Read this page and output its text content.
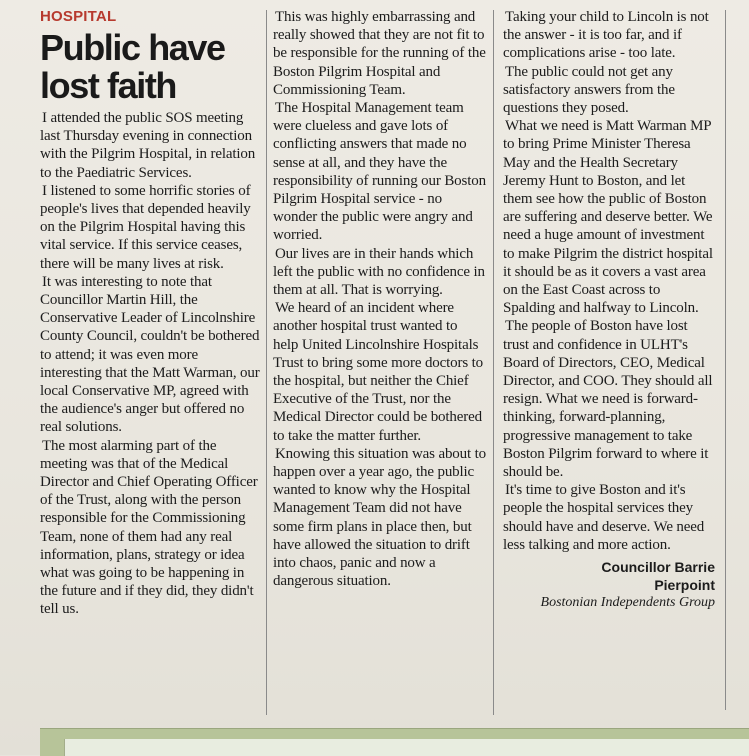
HOSPITAL
Public have lost faith

I attended the public SOS meeting last Thursday evening in connection with the Pilgrim Hospital, in relation to the Paediatric Services.

I listened to some horrific stories of people's lives that depended heavily on the Pilgrim Hospital having this vital service. If this service ceases, there will be many lives at risk.

It was interesting to note that Councillor Martin Hill, the Conservative Leader of Lincolnshire County Council, couldn't be bothered to attend; it was even more interesting that the Matt Warman, our local Conservative MP, agreed with the audience's anger but offered no real solutions.

The most alarming part of the meeting was that of the Medical Director and Chief Operating Officer of the Trust, along with the person responsible for the Commissioning Team, none of them had any real information, plans, strategy or idea what was going to be happening in the future and if they did, they didn't tell us.

This was highly embarrassing and really showed that they are not fit to be responsible for the running of the Boston Pilgrim Hospital and Commissioning Team.

The Hospital Management team were clueless and gave lots of conflicting answers that made no sense at all, and they have the responsibility of running our Boston Pilgrim Hospital service - no wonder the public were angry and worried.

Our lives are in their hands which left the public with no confidence in them at all. That is worrying.

We heard of an incident where another hospital trust wanted to help United Lincolnshire Hospitals Trust to bring some more doctors to the hospital, but neither the Chief Executive of the Trust, nor the Medical Director could be bothered to take the matter further.

Knowing this situation was about to happen over a year ago, the public wanted to know why the Hospital Management Team did not have some firm plans in place then, but have allowed the situation to drift into chaos, panic and now a dangerous situation.

Taking your child to Lincoln is not the answer - it is too far, and if complications arise - too late.

The public could not get any satisfactory answers from the questions they posed.

What we need is Matt Warman MP to bring Prime Minister Theresa May and the Health Secretary Jeremy Hunt to Boston, and let them see how the public of Boston are suffering and deserve better. We need a huge amount of investment to make Pilgrim the district hospital it should be as it covers a vast area on the East Coast across to Spalding and halfway to Lincoln.

The people of Boston have lost trust and confidence in ULHT's Board of Directors, CEO, Medical Director, and COO. They should all resign. What we need is forward-thinking, forward-planning, progressive management to take Boston Pilgrim forward to where it should be.

It's time to give Boston and it's people the hospital services they should have and deserve. We need less talking and more action.

Councillor Barrie
Pierpoint
Bostonian Independents Group
